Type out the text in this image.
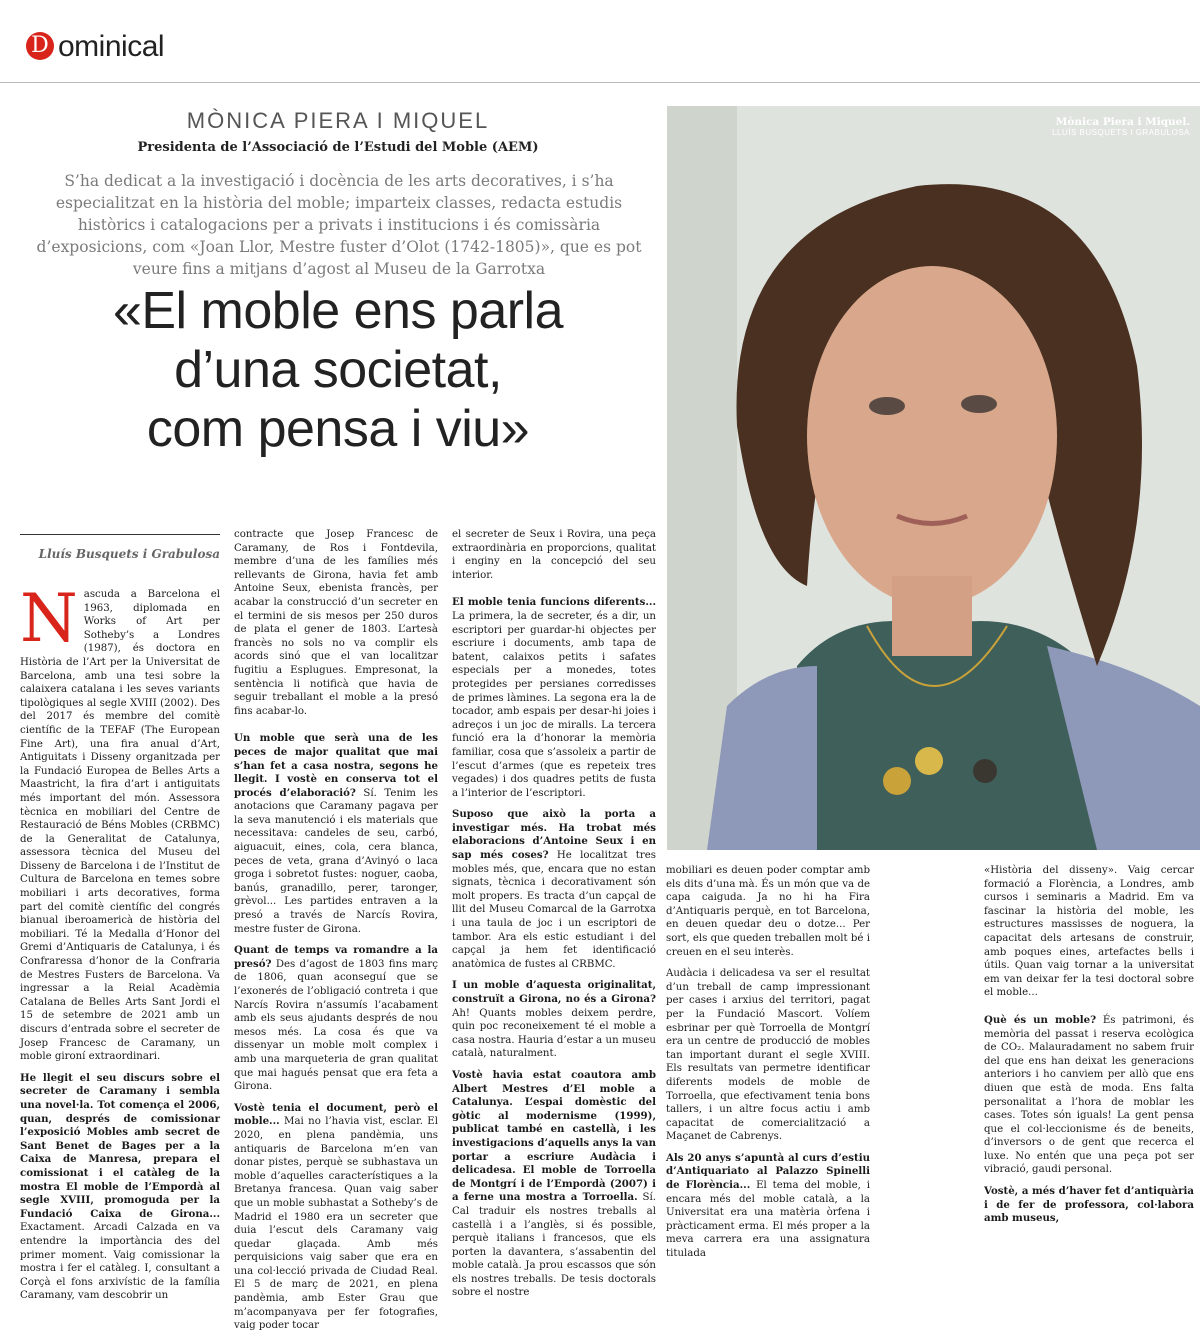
D ominical
MÒNICA PIERA I MIQUEL
Presidenta de l’Associació de l’Estudi del Moble (AEM)
S’ha dedicat a la investigació i docència de les arts decoratives, i s’ha especialitzat en la història del moble; imparteix classes, redacta estudis històrics i catalogacions per a privats i institucions i és comissària d’exposicions, com «Joan Llor, Mestre fuster d’Olot (1742-1805)», que es pot veure fins a mitjans d’agost al Museu de la Garrotxa
«El moble ens parla
d’una societat,
com pensa i viu»
Mònica Piera i Miquel.
LLUÍS BUSQUETS I GRABULOSA
Lluís Busquets i Grabulosa

Nascuda a Barcelona el 1963, diplomada en Works of Art per Sotheby’s a Londres (1987), és doctora en Història de l’Art per la Universitat de Barcelona, amb una tesi sobre la calaixera catalana i les seves variants tipològiques al segle XVIII (2002). Des del 2017 és membre del comitè científic de la TEFAF (The European Fine Art), una fira anual d’Art, Antiguitats i Disseny organitzada per la Fundació Europea de Belles Arts a Maastricht, la fira d’art i antiguitats més important del món. Assessora tècnica en mobiliari del Centre de Restauració de Béns Mobles (CRBMC) de la Generalitat de Catalunya, assessora tècnica del Museu del Disseny de Barcelona i de l’Institut de Cultura de Barcelona en temes sobre mobiliari i arts decoratives, forma part del comitè científic del congrés bianual iberoamericà de història del mobiliari. Té la Medalla d’Honor del Gremi d’Antiquaris de Catalunya, i és Confraressa d’honor de la Confraria de Mestres Fusters de Barcelona. Va ingressar a la Reial Acadèmia Catalana de Belles Arts Sant Jordi el 15 de setembre de 2021 amb un discurs d’entrada sobre el secreter de Josep Francesc de Caramany, un moble gironí extraordinari.

He llegit el seu discurs sobre el secreter de Caramany i sembla una novel·la. Tot comença el 2006, quan, després de comissionar l’exposició Mobles amb secret de Sant Benet de Bages per a la Caixa de Manresa, prepara el comissionat i el catàleg de la mostra El moble de l’Empordà al segle XVIII, promoguda per la Fundació Caixa de Girona... Exactament. Arcadi Calzada en va entendre la importància des del primer moment. Vaig comissionar la mostra i fer el catàleg. I, consultant a Corçà el fons arxivístic de la família Caramany, vam descobrir un

contracte que Josep Francesc de Caramany, de Ros i Fontdevila, membre d’una de les famílies més rellevants de Girona, havia fet amb Antoine Seux, ebenista francès, per acabar la construcció d’un secreter en el termini de sis mesos per 250 duros de plata el gener de 1803. L’artesà francès no sols no va complir els acords sinó que el van localitzar fugitiu a Esplugues. Empresonat, la sentència li notificà que havia de seguir treballant el moble a la presó fins acabar-lo.

Un moble que serà una de les peces de major qualitat que mai s’han fet a casa nostra, segons he llegit. I vostè en conserva tot el procés d’elaboració? Sí. Tenim les anotacions que Caramany pagava per la seva manutenció i els materials que necessitava: candeles de seu, carbó, aiguacuit, eines, cola, cera blanca, peces de veta, grana d’Avinyó o laca groga i sobretot fustes: noguer, caoba, banús, granadillo, perer, taronger, grèvol... Les partides entraven a la presó a través de Narcís Rovira, mestre fuster de Girona.

Quant de temps va romandre a la presó? Des d’agost de 1803 fins març de 1806, quan aconseguí que se l’exonerés de l’obligació contreta i que Narcís Rovira n’assumís l’acabament amb els seus ajudants després de nou mesos més. La cosa és que va dissenyar un moble molt complex i amb una marqueteria de gran qualitat que mai hagués pensat que era feta a Girona.

Vostè tenia el document, però el moble... Mai no l’havia vist, esclar. El 2020, en plena pandèmia, uns antiquaris de Barcelona m’en van donar pistes, perquè se subhastava un moble d’aquelles característiques a la Bretanya francesa. Quan vaig saber que un moble subhastat a Sotheby’s de Madrid el 1980 era un secreter que duia l’escut dels Caramany vaig quedar glaçada. Amb més perquisicions vaig saber que era en una col·lecció privada de Ciudad Real. El 5 de març de 2021, en plena pandèmia, amb Ester Grau que m’acompanyava per fer fotografies, vaig poder tocar

el secreter de Seux i Rovira, una peça extraordinària en proporcions, qualitat i enginy en la concepció del seu interior.

El moble tenia funcions diferents... La primera, la de secreter, és a dir, un escriptori per guardar-hi objectes per escriure i documents, amb tapa de batent, calaixos petits i safates especials per a monedes, totes protegides per persianes corredisses de primes làmines. La segona era la de tocador, amb espais per desar-hi joies i adreços i un joc de miralls. La tercera funció era la d’honorar la memòria familiar, cosa que s’assoleix a partir de l’escut d’armes (que es repeteix tres vegades) i dos quadres petits de fusta a l’interior de l’escriptori.

Suposo que això la porta a investigar més. Ha trobat més elaboracions d’Antoine Seux i en sap més coses? He localitzat tres mobles més, que, encara que no estan signats, tècnica i decorativament són molt propers. Es tracta d’un capçal de llit del Museu Comarcal de la Garrotxa i una taula de joc i un escriptori de tambor. Ara els estic estudiant i del capçal ja hem fet identificació anatòmica de fustes al CRBMC.

I un moble d’aquesta originalitat, construït a Girona, no és a Girona? Ah! Quants mobles deixem perdre, quin poc reconeixement té el moble a casa nostra. Hauria d’estar a un museu català, naturalment.

Vostè havia estat coautora amb Albert Mestres d’El moble a Catalunya. L’espai domèstic del gòtic al modernisme (1999), publicat també en castellà, i les investigacions d’aquells anys la van portar a escriure Audàcia i delicadesa. El moble de Torroella de Montgrí i de l’Empordà (2007) i a ferne una mostra a Torroella. Sí. Cal traduir els nostres treballs al castellà i a l’anglès, si és possible, perquè italians i francesos, que els porten la davantera, s’assabentin del moble català. Ja prou escassos que són els nostres treballs. De tesis doctorals sobre el nostre

mobiliari es deuen poder comptar amb els dits d’una mà. És un món que va de capa caiguda. Ja no hi ha Fira d’Antiquaris perquè, en tot Barcelona, en deuen quedar deu o dotze... Per sort, els que queden treballen molt bé i creuen en el seu interès.

Audàcia i delicadesa va ser el resultat d’un treball de camp impressionant per cases i arxius del territori, pagat per la Fundació Mascort. Volíem esbrinar per què Torroella de Montgrí era un centre de producció de mobles tan important durant el segle XVIII. Els resultats van permetre identificar diferents models de moble de Torroella, que efectivament tenia bons tallers, i un altre focus actiu i amb capacitat de comercialització a Maçanet de Cabrenys.

Als 20 anys s’apuntà al curs d’estiu d’Antiquariato al Palazzo Spinelli de Florència... El tema del moble, i encara més del moble català, a la Universitat era una matèria òrfena i pràcticament erma. El més proper a la meva carrera era una assignatura titulada

«Història del disseny». Vaig cercar formació a Florència, a Londres, amb cursos i seminaris a Madrid. Em va fascinar la història del moble, les estructures massisses de noguera, la capacitat dels artesans de construir, amb poques eines, artefactes bells i útils. Quan vaig tornar a la universitat em van deixar fer la tesi doctoral sobre el moble...

Què és un moble? És patrimoni, és memòria del passat i reserva ecològica de CO₂. Malauradament no sabem fruir del que ens han deixat les generacions anteriors i ho canviem per allò que ens diuen que està de moda. Ens falta personalitat a l’hora de moblar les cases. Totes són iguals! La gent pensa que el col·leccionisme és de beneits, d’inversors o de gent que recerca el luxe. No entén que una peça pot ser vibració, gaudi personal.

Vostè, a més d’haver fet d’antiquària i de fer de professora, col·labora amb museus,
